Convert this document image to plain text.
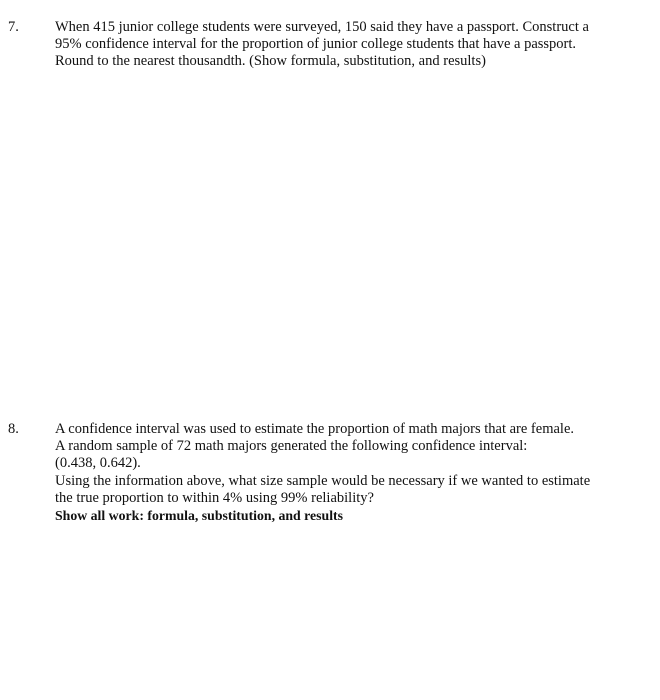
7. When 415 junior college students were surveyed, 150 said they have a passport. Construct a
95% confidence interval for the proportion of junior college students that have a passport.
Round to the nearest thousandth. (Show formula, substitution, and results)
8. A confidence interval was used to estimate the proportion of math majors that are female.
A random sample of 72 math majors generated the following confidence interval:
(0.438, 0.642).
Using the information above, what size sample would be necessary if we wanted to estimate
the true proportion to within 4% using 99% reliability?
Show all work: formula, substitution, and results
